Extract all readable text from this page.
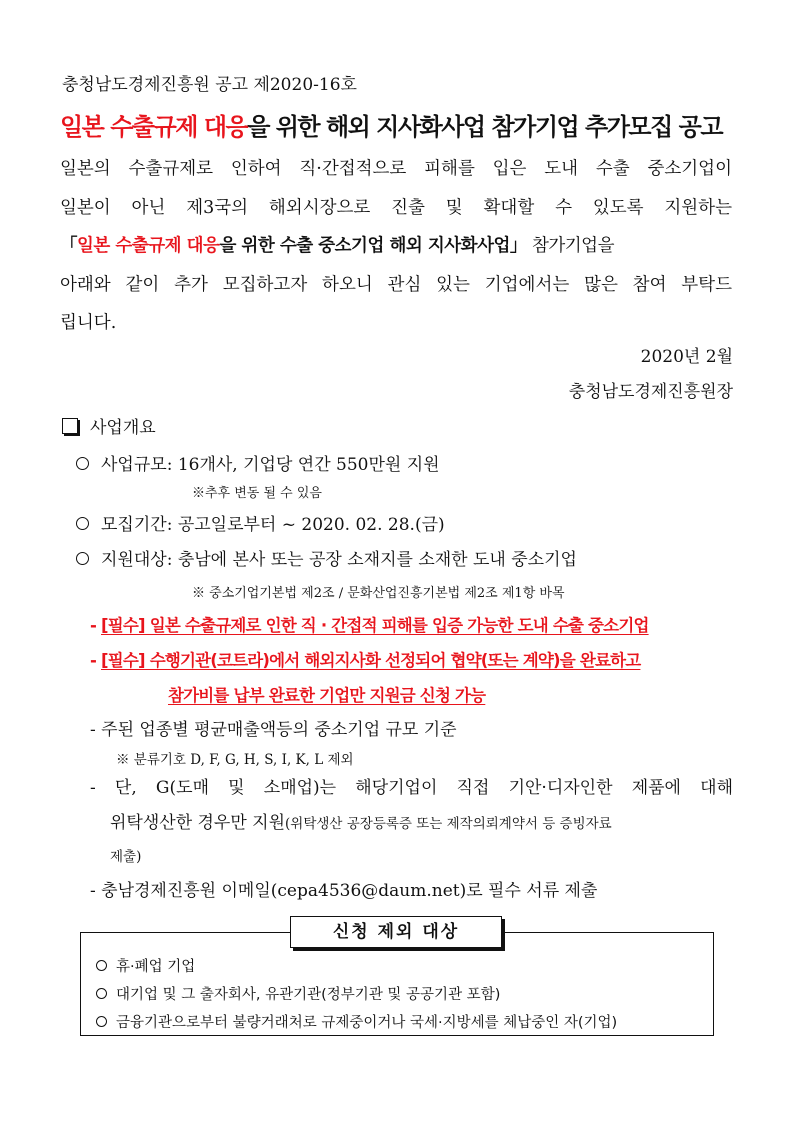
충청남도경제진흥원 공고 제2020-16호
일본 수출규제 대응을 위한 해외 지사화사업 참가기업 추가모집 공고
일본의 수출규제로 인하여 직·간접적으로 피해를 입은 도내 수출 중소기업이
일본이 아닌 제3국의 해외시장으로 진출 및 확대할 수 있도록 지원하는
「일본 수출규제 대응을 위한 수출 중소기업 해외 지사화사업」 참가기업을
아래와 같이 추가 모집하고자 하오니 관심 있는 기업에서는 많은 참여 부탁드
립니다.
2020년 2월
충청남도경제진흥원장
사업개요
사업규모: 16개사, 기업당 연간 550만원 지원
※추후 변동 될 수 있음
모집기간: 공고일로부터 ~ 2020. 02. 28.(금)
지원대상: 충남에 본사 또는 공장 소재지를 소재한 도내 중소기업
※ 중소기업기본법 제2조 / 문화산업진흥기본법 제2조 제1항 바목
- [필수] 일본 수출규제로 인한 직 · 간접적 피해를 입증 가능한 도내 수출 중소기업
- [필수] 수행기관(코트라)에서 해외지사화 선정되어 협약(또는 계약)을 완료하고
참가비를 납부 완료한 기업만 지원금 신청 가능
- 주된 업종별 평균매출액등의 중소기업 규모 기준
※ 분류기호 D, F, G, H, S, I, K, L 제외
- 단, G(도매 및 소매업)는 해당기업이 직접 기안·디자인한 제품에 대해
위탁생산한 경우만 지원(위탁생산 공장등록증 또는 제작의뢰계약서 등 증빙자료
제출)
- 충남경제진흥원 이메일(cepa4536@daum.net)로 필수 서류 제출
신청 제외 대상
휴·폐업 기업
대기업 및 그 출자회사, 유관기관(정부기관 및 공공기관 포함)
금융기관으로부터 불량거래처로 규제중이거나 국세·지방세를 체납중인 자(기업)
